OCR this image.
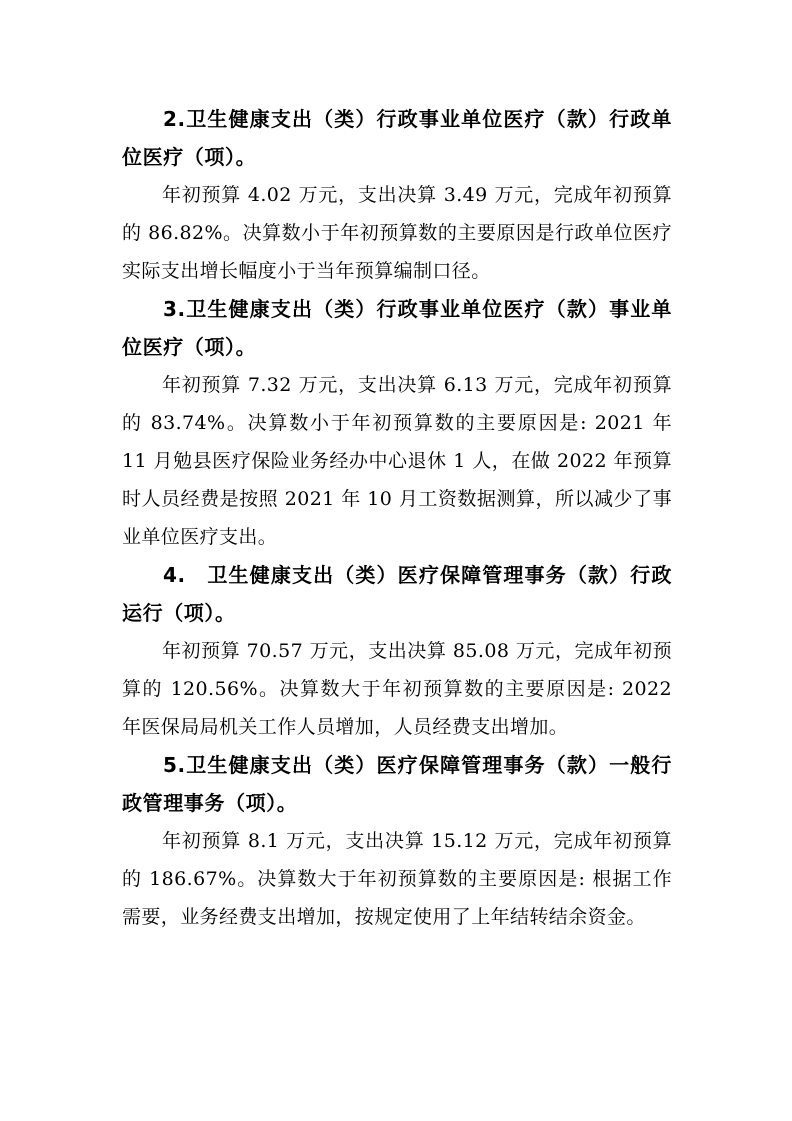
2.卫生健康支出（类）行政事业单位医疗（款）行政单位医疗（项）。

年初预算 4.02 万元，支出决算 3.49 万元，完成年初预算的 86.82%。决算数小于年初预算数的主要原因是行政单位医疗实际支出增长幅度小于当年预算编制口径。

3.卫生健康支出（类）行政事业单位医疗（款）事业单位医疗（项）。

年初预算 7.32 万元，支出决算 6.13 万元，完成年初预算的 83.74%。决算数小于年初预算数的主要原因是: 2021 年 11 月勉县医疗保险业务经办中心退休 1 人，在做 2022 年预算时人员经费是按照 2021 年 10 月工资数据测算，所以减少了事业单位医疗支出。

4.　卫生健康支出（类）医疗保障管理事务（款）行政运行（项）。

年初预算 70.57 万元，支出决算 85.08 万元，完成年初预算的 120.56%。决算数大于年初预算数的主要原因是: 2022 年医保局局机关工作人员增加，人员经费支出增加。

5.卫生健康支出（类）医疗保障管理事务（款）一般行政管理事务（项）。

年初预算 8.1 万元，支出决算 15.12 万元，完成年初预算的 186.67%。决算数大于年初预算数的主要原因是: 根据工作需要，业务经费支出增加，按规定使用了上年结转结余资金。
